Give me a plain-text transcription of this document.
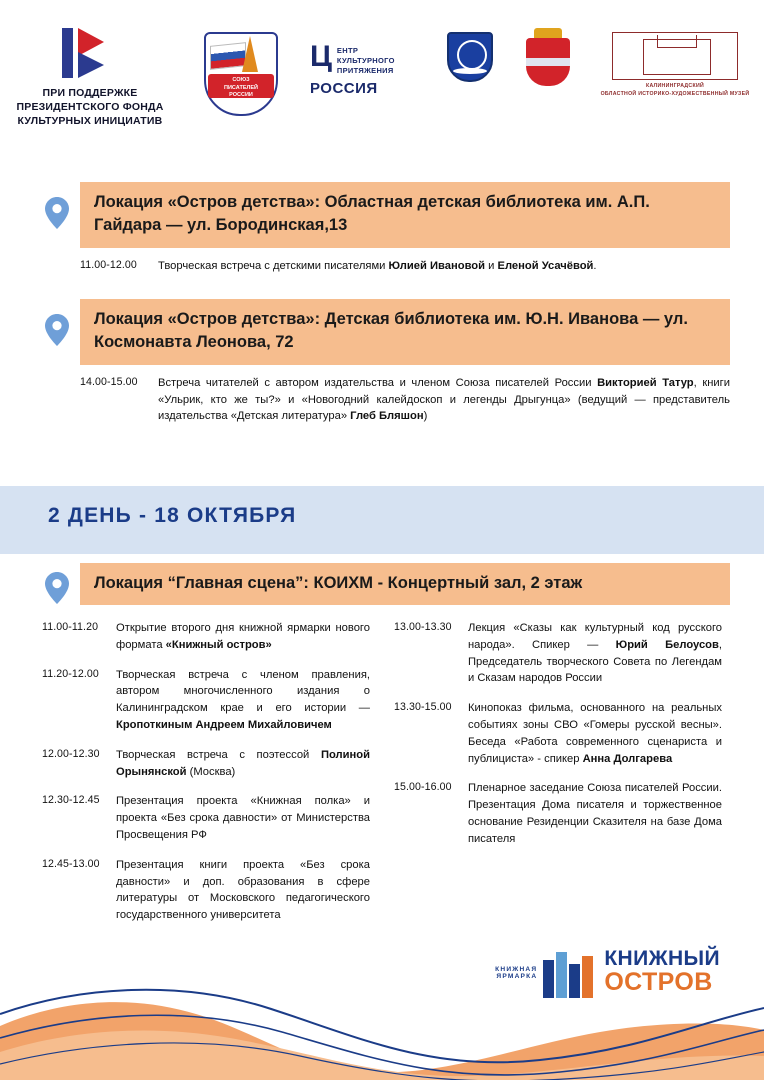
ПРИ ПОДДЕРЖКЕ
ПРЕЗИДЕНТСКОГО ФОНДА
КУЛЬТУРНЫХ ИНИЦИАТИВ
СОЮЗ
ПИСАТЕЛЕЙ
РОССИИ
Ц ЕНТР
КУЛЬТУРНОГО
ПРИТЯЖЕНИЯ
РОССИЯ	КАЛИНИНГРАДСКИЙ
ОБЛАСТНОЙ ИСТОРИКО-ХУДОЖЕСТВЕННЫЙ МУЗЕЙ
Локация «Остров детства»: Областная детская библиотека им. А.П. Гайдара — ул. Бородинская,13
11.00-12.00	Творческая встреча с детскими писателями Юлией Ивановой и Еленой Усачёвой.
Локация «Остров детства»: Детская библиотека им. Ю.Н. Иванова — ул. Космонавта Леонова, 72
14.00-15.00	Встреча читателей с автором издательства и членом Союза писателей России Викторией Татур, книги «Ульрик, кто же ты?» и «Новогодний калейдоскоп и легенды Дрыгунца» (ведущий — представитель издательства «Детская литература» Глеб Бляшон)
2 ДЕНЬ - 18 ОКТЯБРЯ
Локация “Главная сцена”: КОИХМ - Концертный зал, 2 этаж
11.00-11.20	Открытие второго дня книжной ярмарки нового формата «Книжный остров»
11.20-12.00	Творческая встреча с членом правления, автором многочисленного издания о Калининградском крае и его истории — Кропоткиным Андреем Михайловичем
12.00-12.30	Творческая встреча с поэтессой Полиной Орынянской (Москва)
12.30-12.45	Презентация проекта «Книжная полка» и проекта «Без срока давности» от Министерства Просвещения РФ
12.45-13.00	Презентация книги проекта «Без срока давности» и доп. образования в сфере литературы от Московского педагогического государственного университета
13.00-13.30	Лекция «Сказы как культурный код русского народа». Спикер — Юрий Белоусов, Председатель творческого Совета по Легендам и Сказам народов России
13.30-15.00	Кинопоказ фильма, основанного на реальных событиях зоны СВО «Гомеры русской весны». Беседа «Работа современного сценариста и публициста» - спикер Анна Долгарева
15.00-16.00	Пленарное заседание Союза писателей России. Презентация Дома писателя и торжественное основание Резиденции Сказителя на базе Дома писателя
КНИЖНАЯ ЯРМАРКА
КНИЖНЫЙ
ОСТРОВ
